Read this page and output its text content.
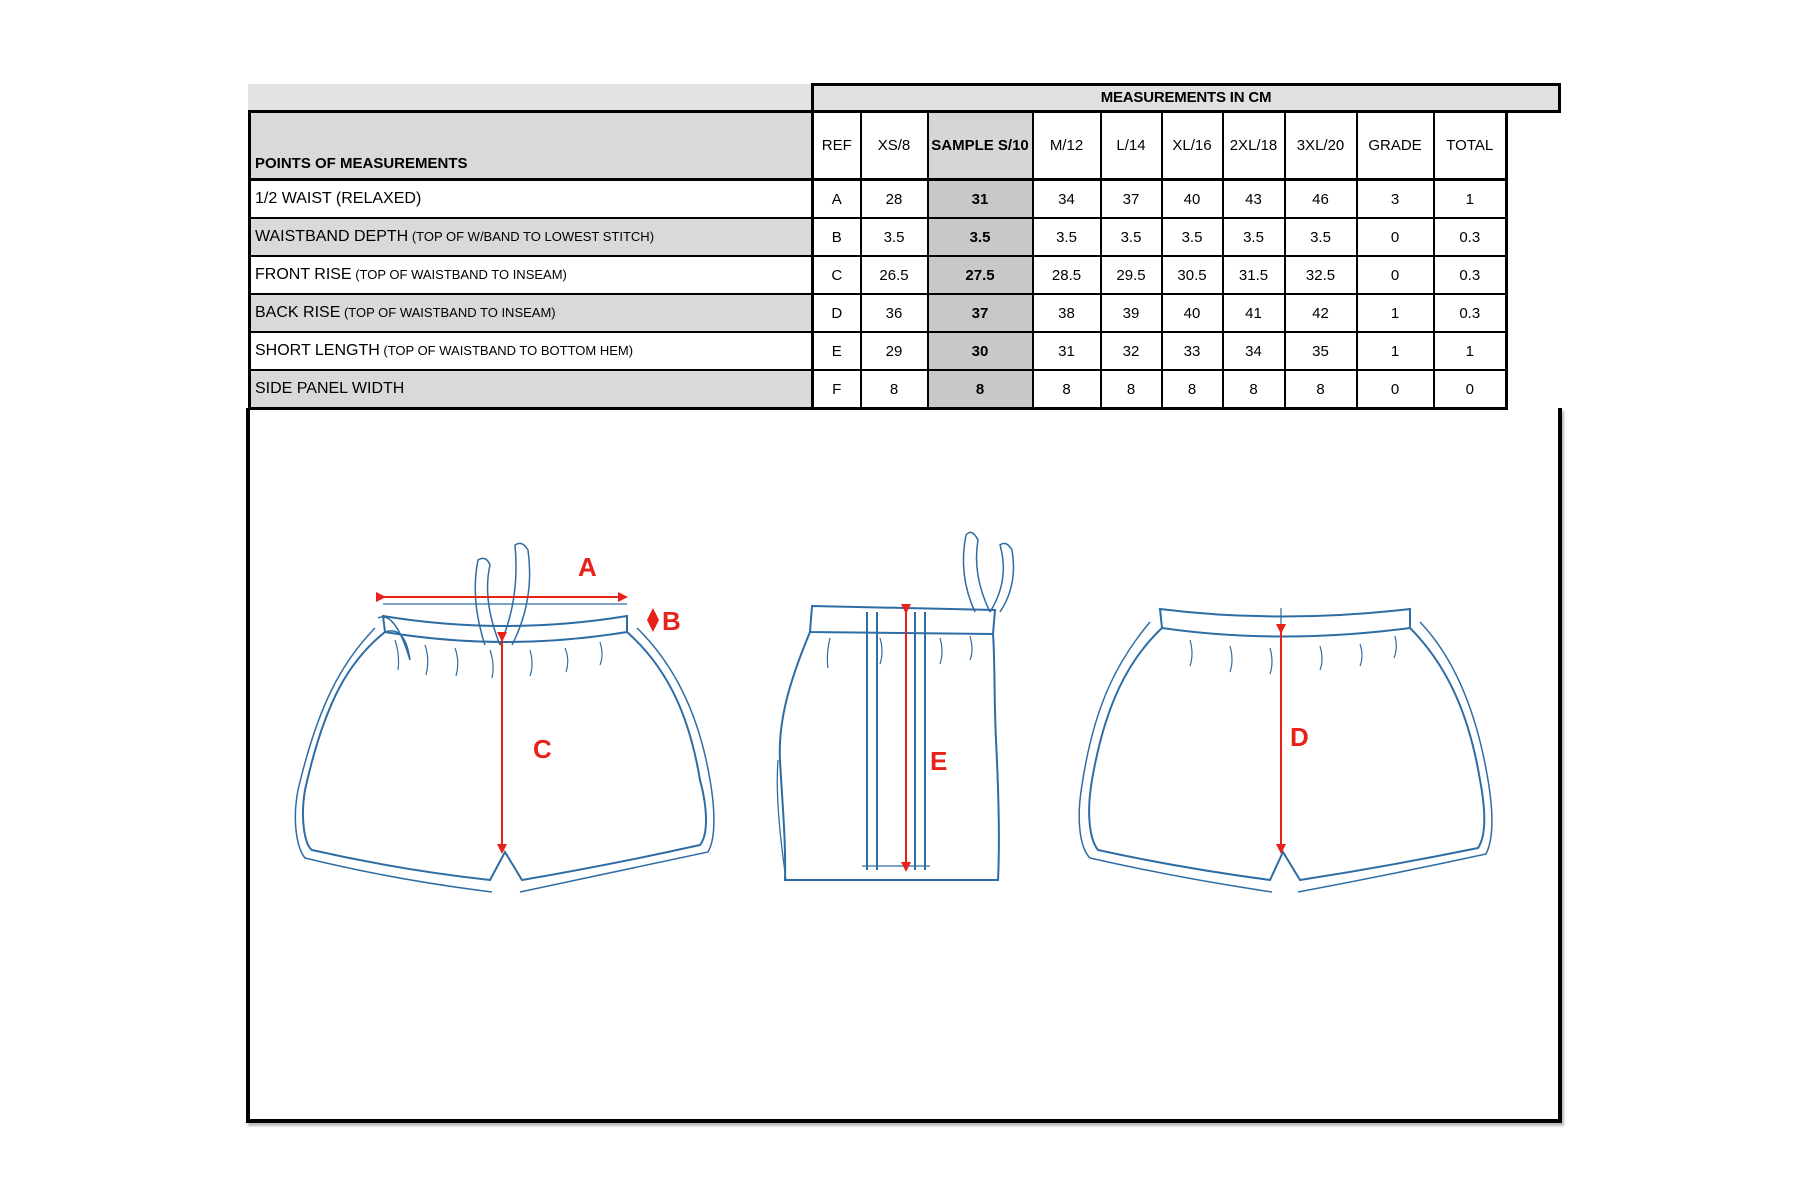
MEASUREMENTS IN CM
POINTS OF MEASUREMENTS	REF	XS/8	SAMPLE S/10	M/12	L/14	XL/16	2XL/18	3XL/20	GRADE	TOTAL
1/2 WAIST (RELAXED)	A	28	31	34	37	40	43	46	3	1
WAISTBAND DEPTH (TOP OF W/BAND TO LOWEST STITCH)	B	3.5	3.5	3.5	3.5	3.5	3.5	3.5	0	0.3
FRONT RISE (TOP OF WAISTBAND TO INSEAM)	C	26.5	27.5	28.5	29.5	30.5	31.5	32.5	0	0.3
BACK RISE (TOP OF WAISTBAND TO INSEAM)	D	36	37	38	39	40	41	42	1	0.3
SHORT LENGTH (TOP OF WAISTBAND TO BOTTOM HEM)	E	29	30	31	32	33	34	35	1	1
SIDE PANEL WIDTH	F	8	8	8	8	8	8	8	0	0
A
B
C	E
D
